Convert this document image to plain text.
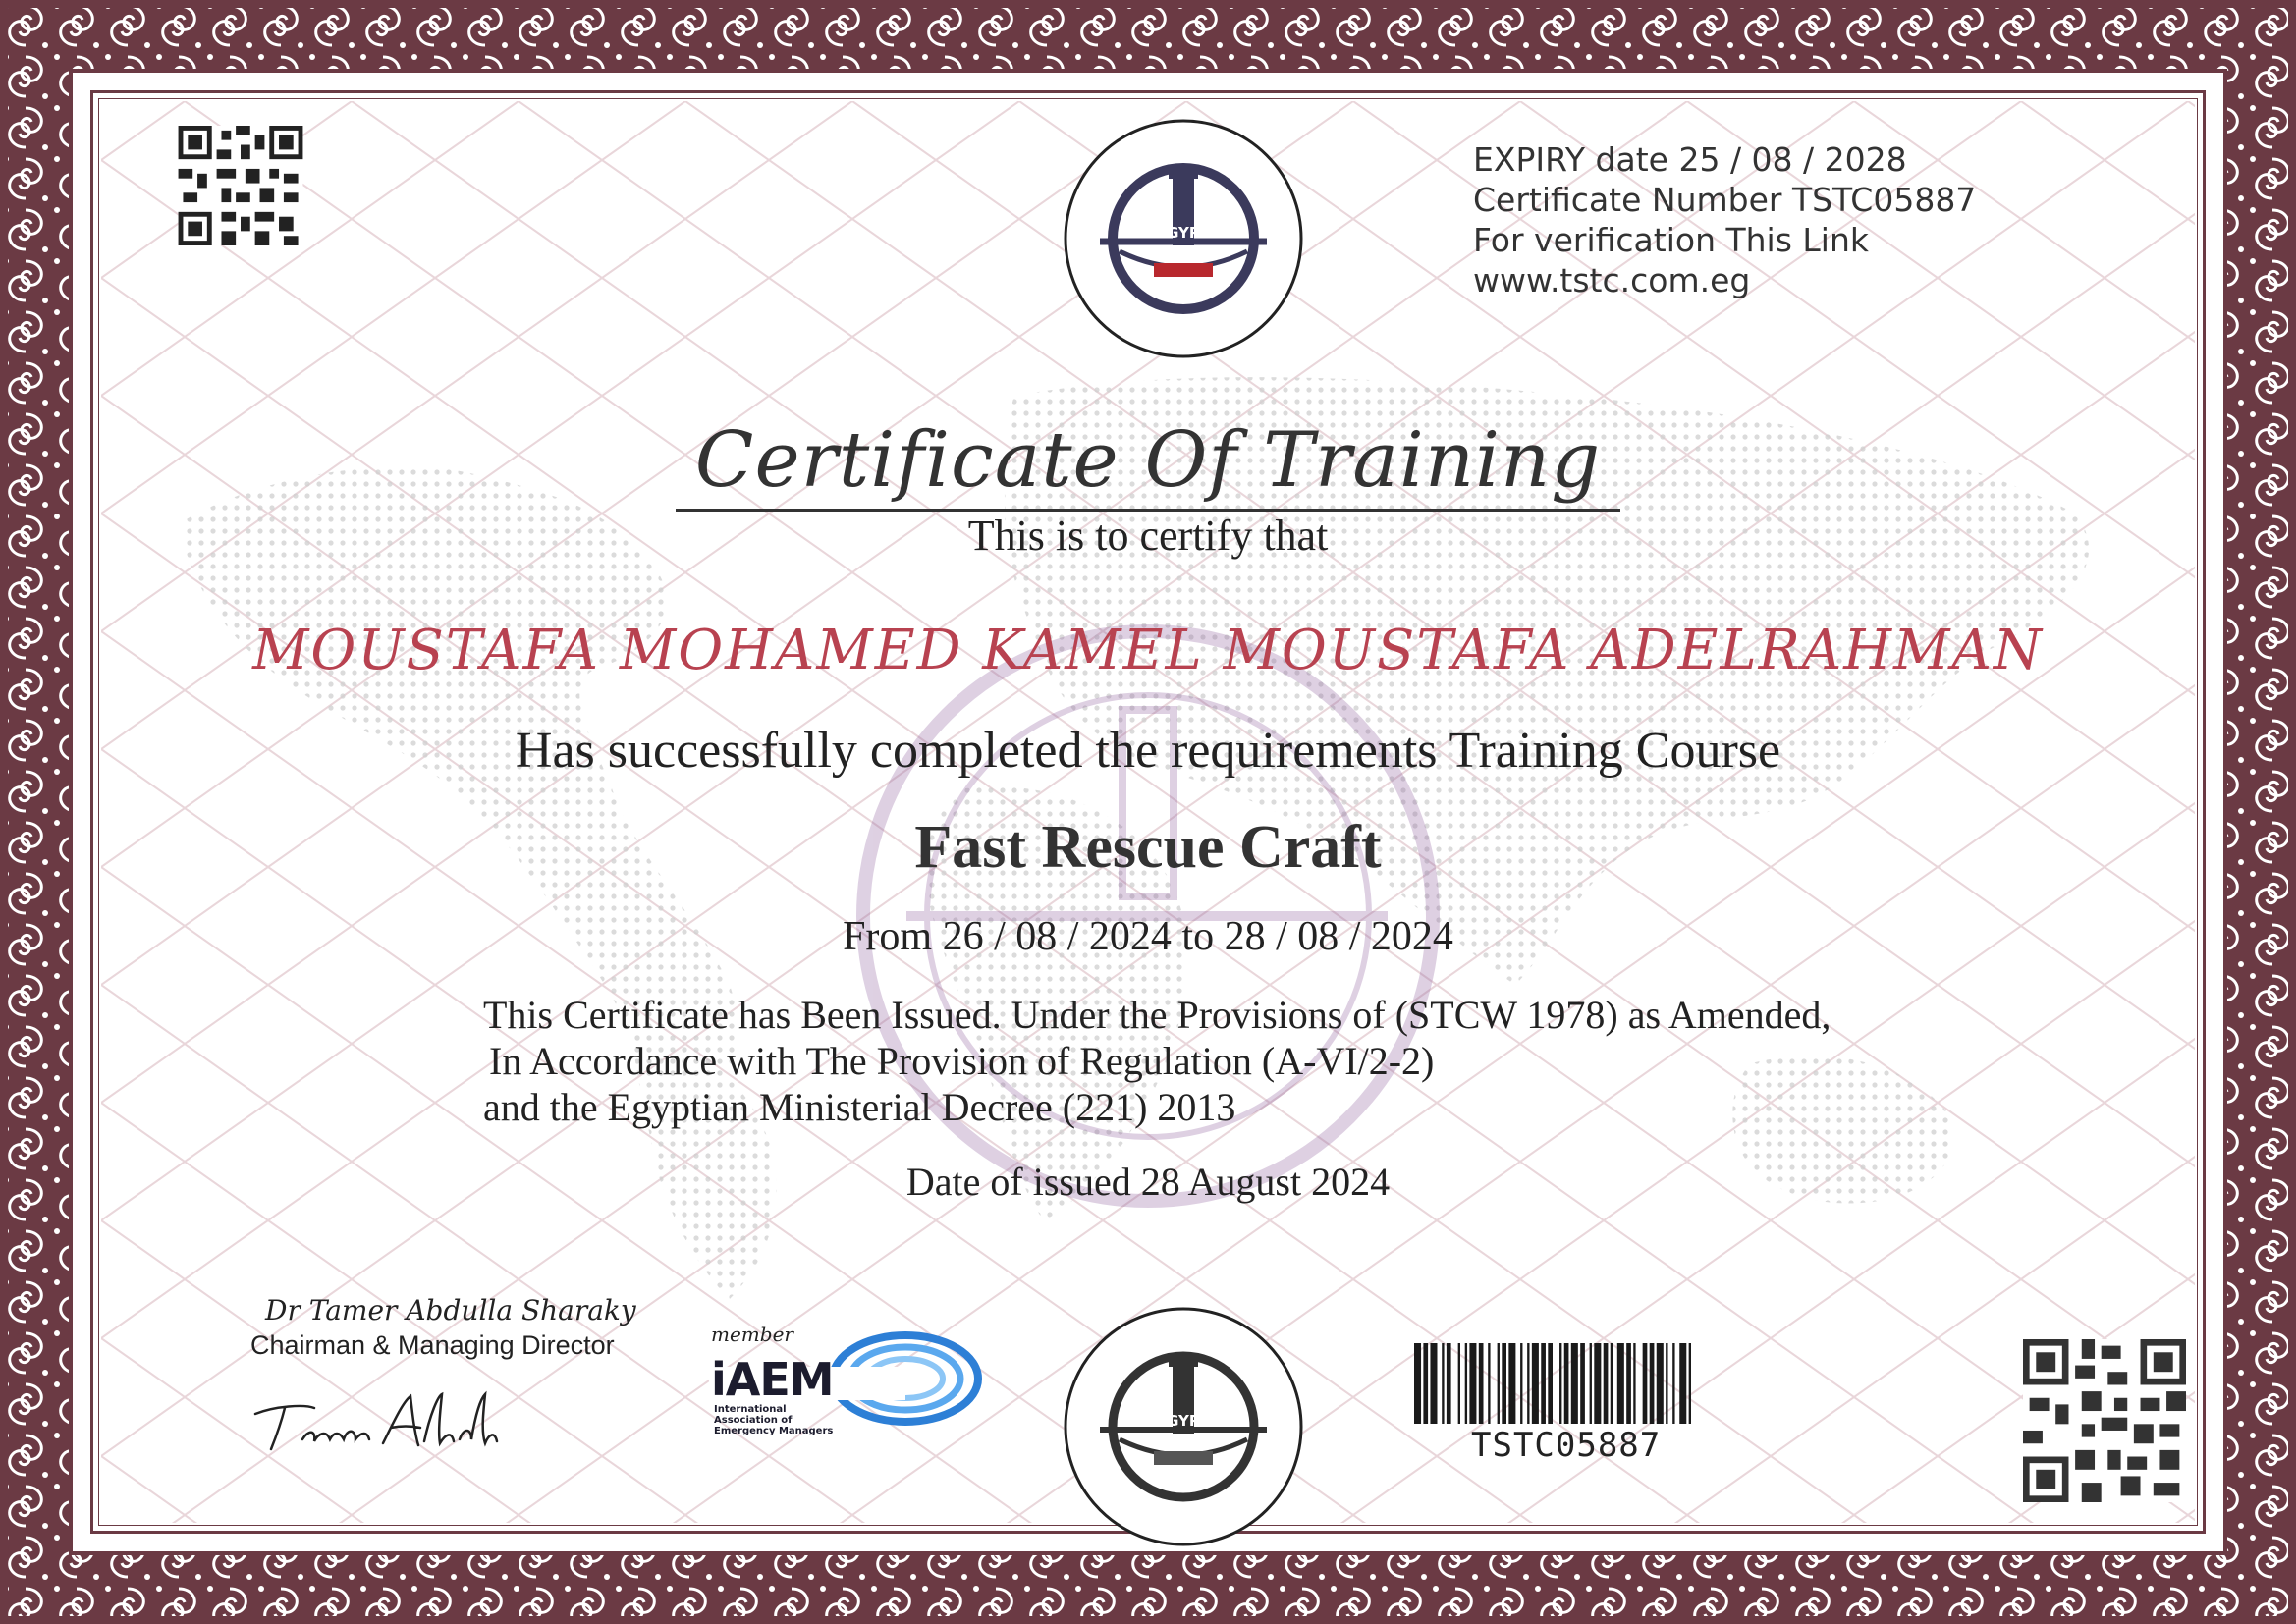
EGYPT
TSTC
EXPIRY date 25 / 08 / 2028
Certificate Number TSTC05887
For verification This Link
www.tstc.com.eg
Certificate Of Training
This is to certify that
MOUSTAFA MOHAMED KAMEL MOUSTAFA ADELRAHMAN
Has successfully completed the requirements Training Course
Fast Rescue Craft
From 26 / 08 / 2024 to 28 / 08 / 2024
This Certificate has Been Issued. Under the Provisions of (STCW 1978) as Amended,
In Accordance with The Provision of Regulation (A-VI/2-2)
and the Egyptian Ministerial Decree (221) 2013
Date of issued 28 August 2024
Dr Tamer Abdulla Sharaky
Chairman & Managing Director	member
iAEM
International
Association of
Emergency Managers
EGYPT
TSTC
TSTC05887
